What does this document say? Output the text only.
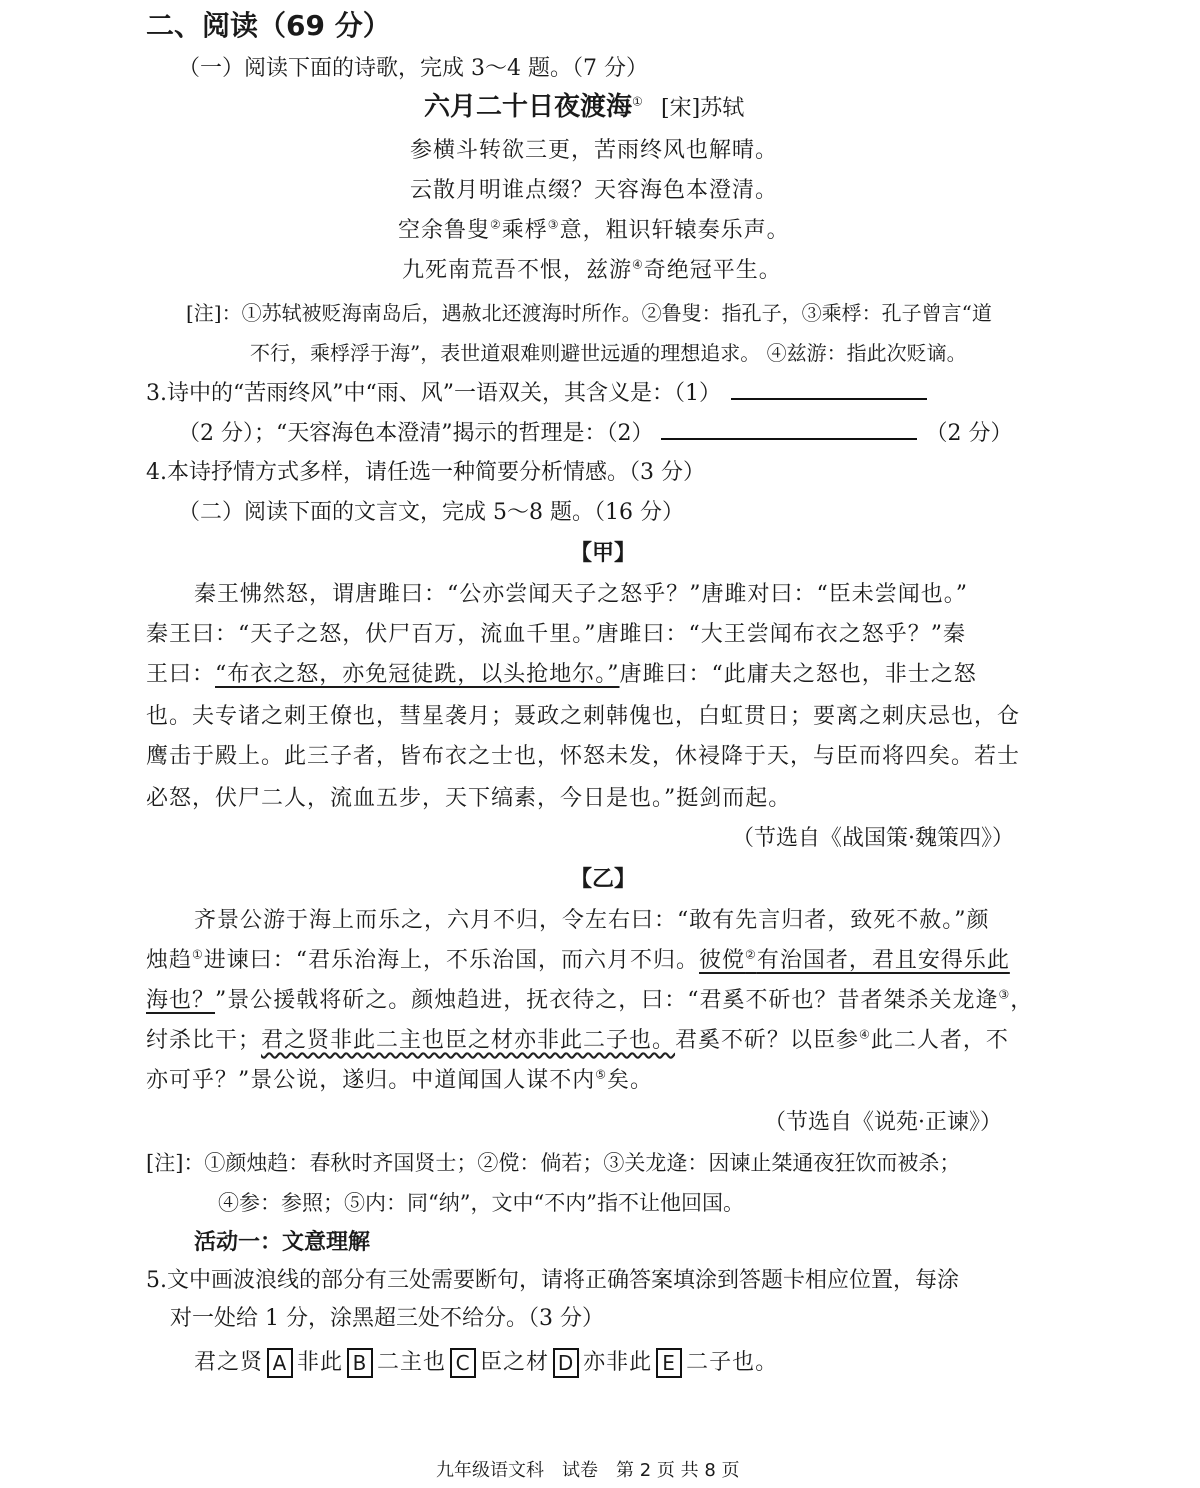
二、阅读（69 分）
（一）阅读下面的诗歌，完成 3～4 题。（7 分）
六月二十日夜渡海① [宋]苏轼
参横斗转欲三更，苦雨终风也解晴。
云散月明谁点缀？天容海色本澄清。
空余鲁叟②乘桴③意，粗识轩辕奏乐声。
九死南荒吾不恨，兹游④奇绝冠平生。
[注]：①苏轼被贬海南岛后，遇赦北还渡海时所作。②鲁叟：指孔子，③乘桴：孔子曾言“道
不行，乘桴浮于海”，表世道艰难则避世远遁的理想追求。 ④兹游：指此次贬谪。
3.诗中的“苦雨终风”中“雨、风”一语双关，其含义是：（1）
（2 分）；“天容海色本澄清”揭示的哲理是：（2）	（2 分）
4.本诗抒情方式多样，请任选一种简要分析情感。（3 分）
（二）阅读下面的文言文，完成 5～8 题。（16 分）
【甲】
秦王怫然怒，谓唐雎曰：“公亦尝闻天子之怒乎？”唐雎对曰：“臣未尝闻也。”
秦王曰：“天子之怒，伏尸百万，流血千里。”唐雎曰：“大王尝闻布衣之怒乎？”秦
王曰：“布衣之怒，亦免冠徒跣，以头抢地尔。”唐雎曰：“此庸夫之怒也，非士之怒
也。夫专诸之刺王僚也，彗星袭月；聂政之刺韩傀也，白虹贯日；要离之刺庆忌也，仓
鹰击于殿上。此三子者，皆布衣之士也，怀怒未发，休祲降于天，与臣而将四矣。若士
必怒，伏尸二人，流血五步，天下缟素，今日是也。”挺剑而起。
（节选自《战国策·魏策四》）
【乙】
齐景公游于海上而乐之，六月不归，令左右曰：“敢有先言归者，致死不赦。”颜
烛趋①进谏曰：“君乐治海上，不乐治国，而六月不归。彼傥②有治国者，君且安得乐此
海也？”景公援戟将斫之。颜烛趋进，抚衣待之，曰：“君奚不斫也？昔者桀杀关龙逄③，
纣杀比干；君之贤非此二主也臣之材亦非此二子也。君奚不斫？以臣参④此二人者，不
亦可乎？”景公说，遂归。中道闻国人谋不内⑤矣。
（节选自《说苑·正谏》）
[注]：①颜烛趋：春秋时齐国贤士；②傥：倘若；③关龙逄：因谏止桀通夜狂饮而被杀；
④参：参照；⑤内：同“纳”，文中“不内”指不让他回国。
活动一：文意理解
5.文中画波浪线的部分有三处需要断句，请将正确答案填涂到答题卡相应位置，每涂
对一处给 1 分，涂黑超三处不给分。（3 分）
君之贤 A 非此 B 二主也 C 臣之材 D 亦非此 E 二子也。
九年级语文科　试卷　第 2 页 共 8 页
